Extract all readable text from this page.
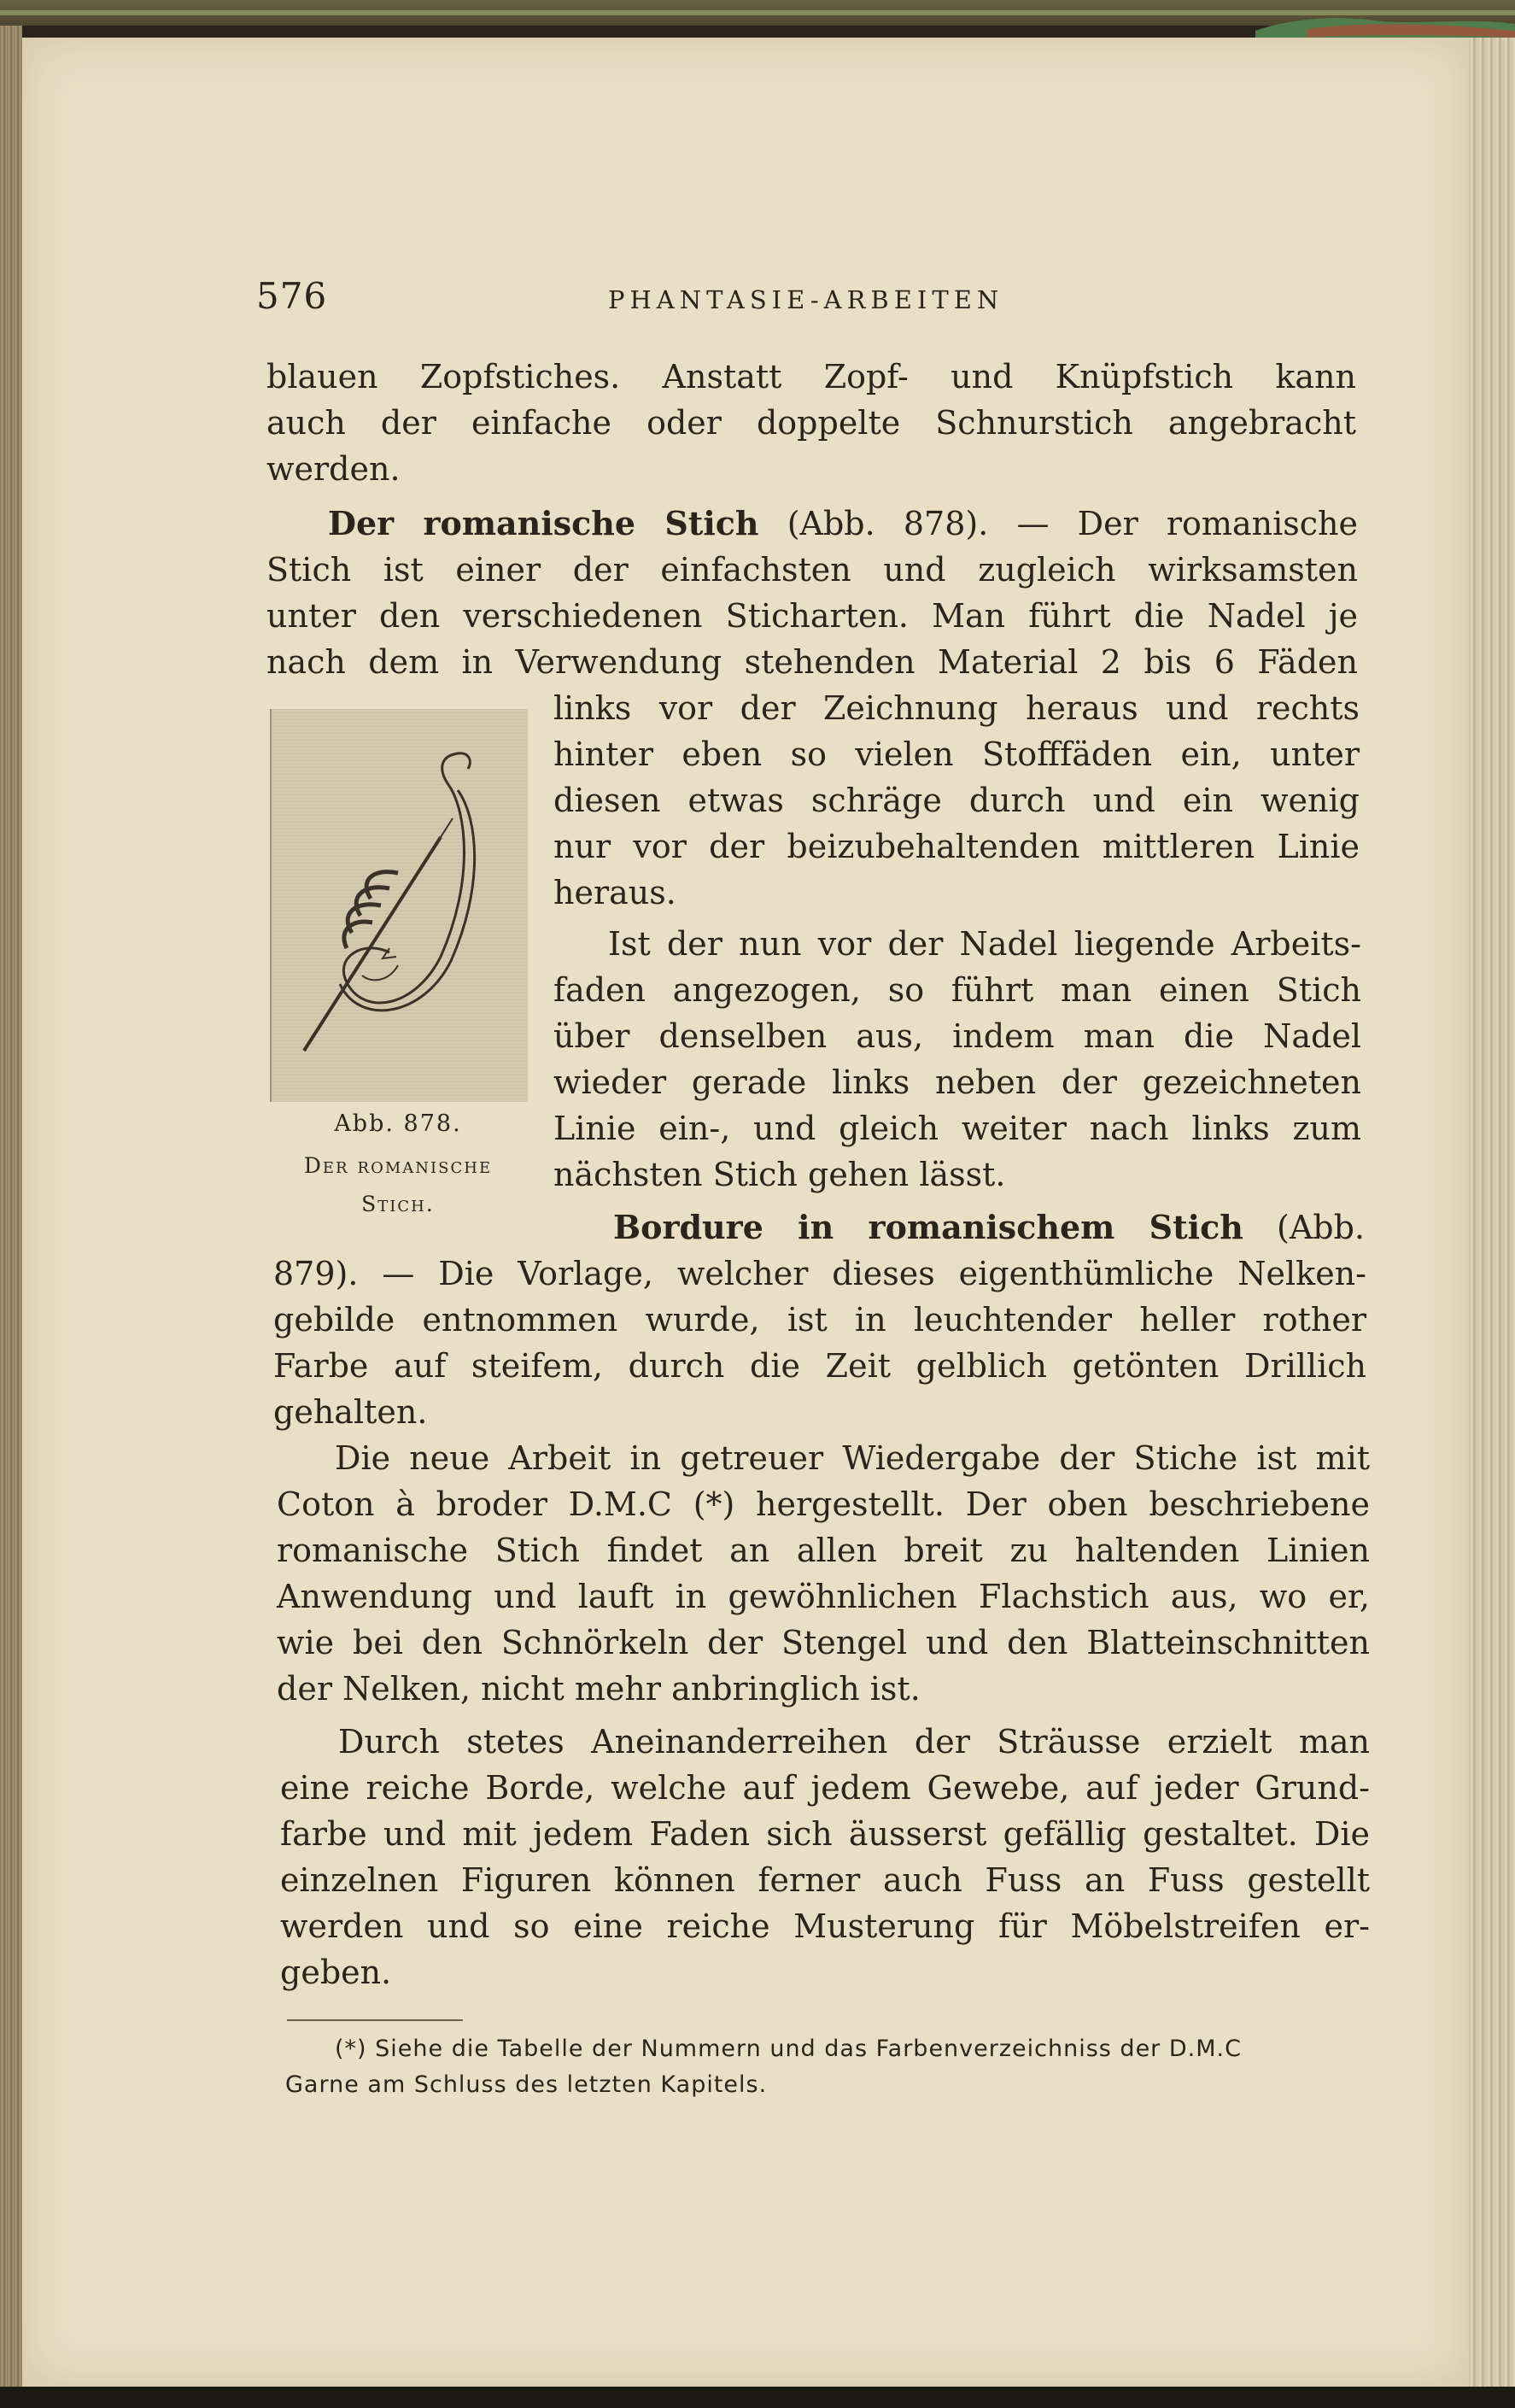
576	PHANTASIE-ARBEITEN
blauen Zopfstiches. Anstatt Zopf- und Knüpfstich kann
auch der einfache oder doppelte Schnurstich angebracht
werden.
Der romanische Stich (Abb. 878). — Der romanische
Stich ist einer der einfachsten und zugleich wirksamsten
unter den verschiedenen Sticharten. Man führt die Nadel je
nach dem in Verwendung stehenden Material 2 bis 6 Fäden
links vor der Zeichnung heraus und rechts
hinter eben so vielen Stofffäden ein, unter
diesen etwas schräge durch und ein wenig
nur vor der beizubehaltenden mittleren Linie
heraus.
Ist der nun vor der Nadel liegende Arbeits-
faden angezogen, so führt man einen Stich
über denselben aus, indem man die Nadel
wieder gerade links neben der gezeichneten
Linie ein-, und gleich weiter nach links zum
nächsten Stich gehen lässt.
Abb. 878.
Der romanische
Stich.
Bordure in romanischem Stich (Abb.
879). — Die Vorlage, welcher dieses eigenthümliche Nelken-
gebilde entnommen wurde, ist in leuchtender heller rother
Farbe auf steifem, durch die Zeit gelblich getönten Drillich
gehalten.
Die neue Arbeit in getreuer Wiedergabe der Stiche ist mit
Coton à broder D.M.C (*) hergestellt. Der oben beschriebene
romanische Stich findet an allen breit zu haltenden Linien
Anwendung und lauft in gewöhnlichen Flachstich aus, wo er,
wie bei den Schnörkeln der Stengel und den Blatteinschnitten
der Nelken, nicht mehr anbringlich ist.
Durch stetes Aneinanderreihen der Sträusse erzielt man
eine reiche Borde, welche auf jedem Gewebe, auf jeder Grund-
farbe und mit jedem Faden sich äusserst gefällig gestaltet. Die
einzelnen Figuren können ferner auch Fuss an Fuss gestellt
werden und so eine reiche Musterung für Möbelstreifen er-
geben.
(*) Siehe die Tabelle der Nummern und das Farbenverzeichniss der D.M.C
Garne am Schluss des letzten Kapitels.
